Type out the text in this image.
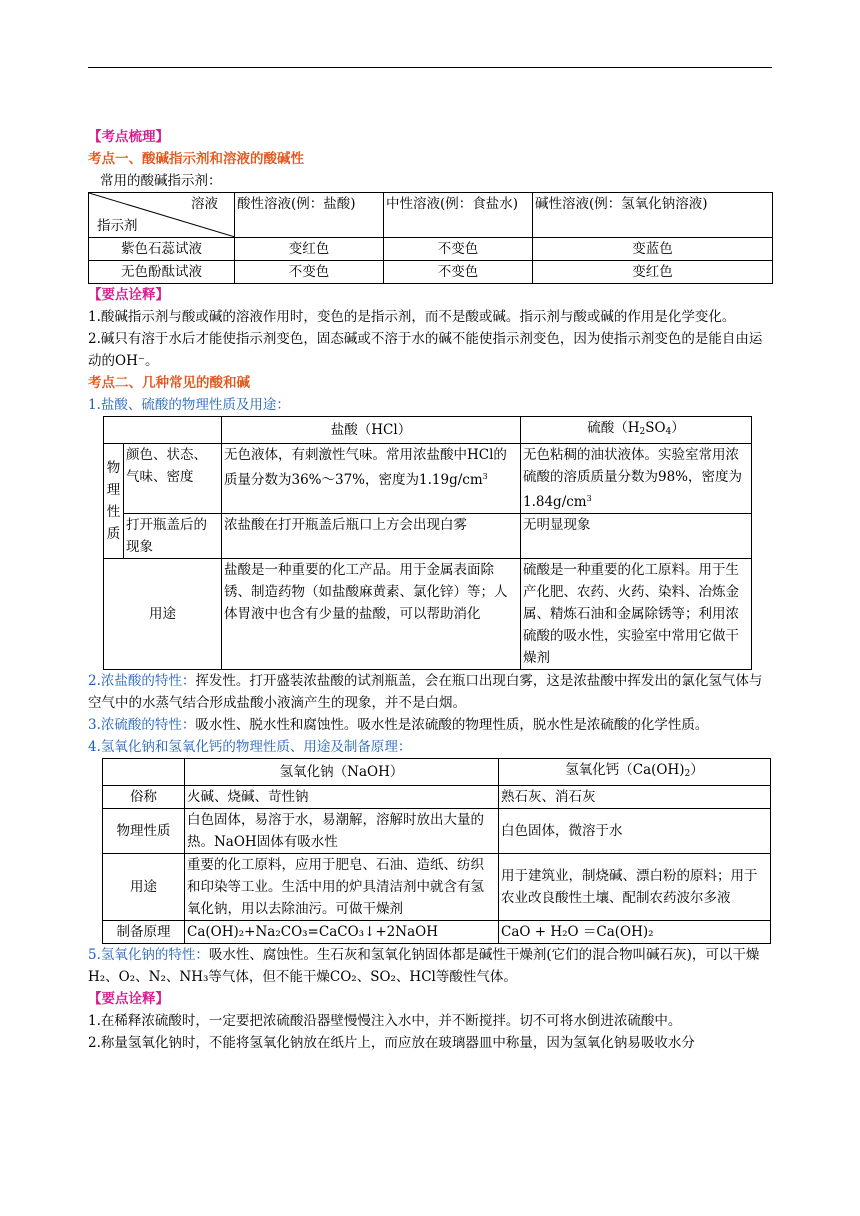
【考点梳理】

考点一、酸碱指示剂和溶液的酸碱性

常用的酸碱指示剂：

溶液
指示剂	酸性溶液(例：盐酸)	中性溶液(例：食盐水)	碱性溶液(例：氢氧化钠溶液)
紫色石蕊试液	变红色	不变色	变蓝色
无色酚酞试液	不变色	不变色	变红色

【要点诠释】

1.酸碱指示剂与酸或碱的溶液作用时，变色的是指示剂，而不是酸或碱。指示剂与酸或碱的作用是化学变化。

2.碱只有溶于水后才能使指示剂变色，固态碱或不溶于水的碱不能使指示剂变色，因为使指示剂变色的是能自由运动的OH⁻。

考点二、几种常见的酸和碱

1.盐酸、硫酸的物理性质及用途：

		盐酸（HCl）	硫酸$(H_2SO_4)$
物理性质	颜色、状态、气味、密度	无色液体，有刺激性气味。常用浓盐酸中HCl的质量分数为36%～37%，密度为$1.19g/cm^3$	无色粘稠的油状液体。实验室常用浓硫酸的溶质质量分数为98%，密度为$1.84g/cm^3$
	打开瓶盖后的现象	浓盐酸在打开瓶盖后瓶口上方会出现白雾	无明显现象
用途		盐酸是一种重要的化工产品。用于金属表面除锈、制造药物（如盐酸麻黄素、氯化锌）等；人体胃液中也含有少量的盐酸，可以帮助消化	硫酸是一种重要的化工原料。用于生产化肥、农药、火药、染料、冶炼金属、精炼石油和金属除锈等；利用浓硫酸的吸水性，实验室中常用它做干燥剂

2.浓盐酸的特性：挥发性。打开盛装浓盐酸的试剂瓶盖，会在瓶口出现白雾，这是浓盐酸中挥发出的氯化氢气体与空气中的水蒸气结合形成盐酸小液滴产生的现象，并不是白烟。

3.浓硫酸的特性：吸水性、脱水性和腐蚀性。吸水性是浓硫酸的物理性质，脱水性是浓硫酸的化学性质。

4.氢氧化钠和氢氧化钙的物理性质、用途及制备原理：

	氢氧化钠（NaOH）	氢氧化钙$(Ca(OH)_2)$
俗称	火碱、烧碱、苛性钠	熟石灰、消石灰
物理性质	白色固体，易溶于水，易潮解，溶解时放出大量的热。NaOH固体有吸水性	白色固体，微溶于水
用途	重要的化工原料，应用于肥皂、石油、造纸、纺织和印染等工业。生活中用的炉具清洁剂中就含有氢氧化钠，用以去除油污。可做干燥剂	用于建筑业，制烧碱、漂白粉的原料；用于农业改良酸性土壤、配制农药波尔多液
制备原理	Ca(OH)₂+Na₂CO₃=CaCO₃↓+2NaOH	CaO + H₂O ＝Ca(OH)₂

5.氢氧化钠的特性：吸水性、腐蚀性。生石灰和氢氧化钠固体都是碱性干燥剂(它们的混合物叫碱石灰)，可以干燥H₂、O₂、N₂、NH₃等气体，但不能干燥CO₂、SO₂、HCl等酸性气体。

【要点诠释】

1.在稀释浓硫酸时，一定要把浓硫酸沿器壁慢慢注入水中，并不断搅拌。切不可将水倒进浓硫酸中。

2.称量氢氧化钠时，不能将氢氧化钠放在纸片上，而应放在玻璃器皿中称量，因为氢氧化钠易吸收水分
